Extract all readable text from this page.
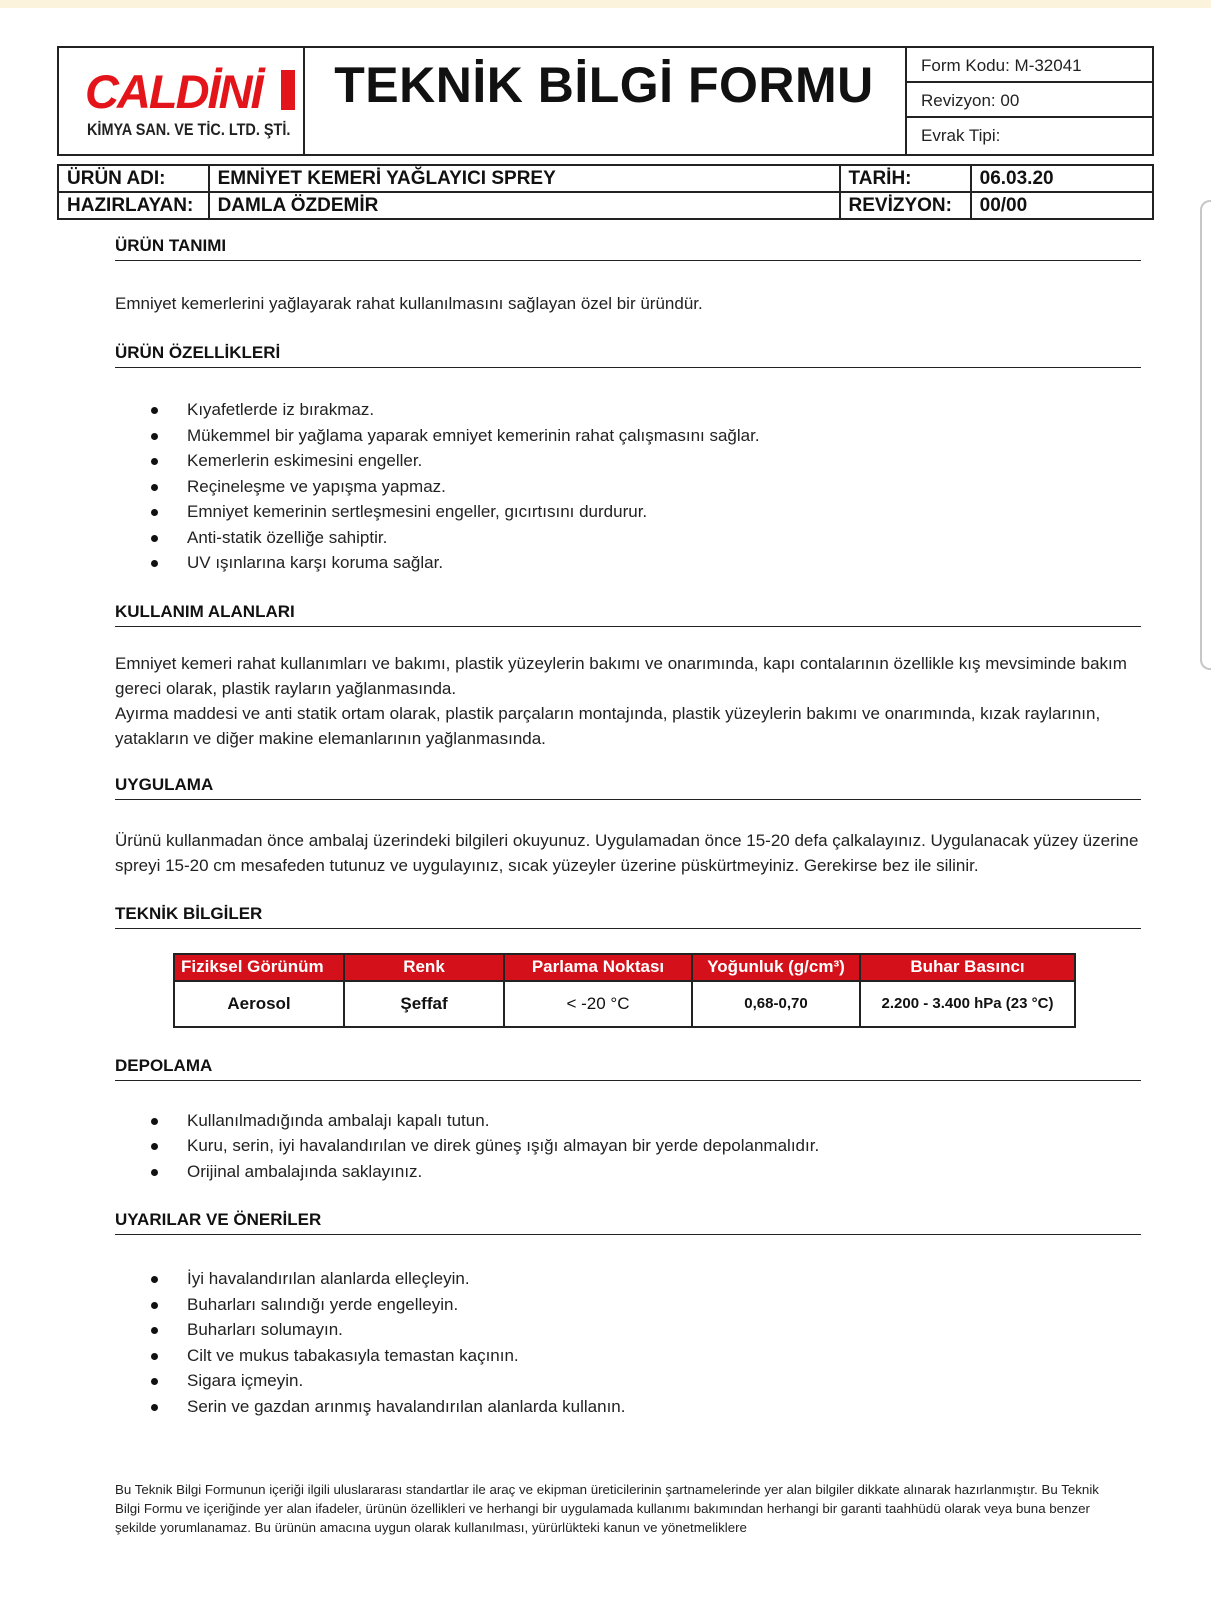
CALDİNİ
KİMYA SAN. VE TİC. LTD. ŞTİ.
TEKNİK BİLGİ FORMU	Form Kodu: M-32041
Revizyon: 00
Evrak Tipi:
ÜRÜN ADI:	EMNİYET KEMERİ YAĞLAYICI SPREY	TARİH:	06.03.20
HAZIRLAYAN:	DAMLA ÖZDEMİR	REVİZYON:	00/00
ÜRÜN TANIMI

Emniyet kemerlerini yağlayarak rahat kullanılmasını sağlayan özel bir üründür.

ÜRÜN ÖZELLİKLERİ
Kıyafetlerde iz bırakmaz.
Mükemmel bir yağlama yaparak emniyet kemerinin rahat çalışmasını sağlar.
Kemerlerin eskimesini engeller.
Reçineleşme ve yapışma yapmaz.
Emniyet kemerinin sertleşmesini engeller, gıcırtısını durdurur.
Anti-statik özelliğe sahiptir.
UV ışınlarına karşı koruma sağlar.
KULLANIM ALANLARI

Emniyet kemeri rahat kullanımları ve bakımı, plastik yüzeylerin bakımı ve onarımında, kapı contalarının özellikle kış mevsiminde bakım gereci olarak, plastik rayların yağlanmasında.

Ayırma maddesi ve anti statik ortam olarak, plastik parçaların montajında, plastik yüzeylerin bakımı ve onarımında, kızak raylarının, yatakların ve diğer makine elemanlarının yağlanmasında.

UYGULAMA

Ürünü kullanmadan önce ambalaj üzerindeki bilgileri okuyunuz. Uygulamadan önce 15-20 defa çalkalayınız. Uygulanacak yüzey üzerine spreyi 15-20 cm mesafeden tutunuz ve uygulayınız, sıcak yüzeyler üzerine püskürtmeyiniz. Gerekirse bez ile silinir.

TEKNİK BİLGİLER
Fiziksel Görünüm	Renk	Parlama Noktası	Yoğunluk (g/cm³)	Buhar Basıncı
Aerosol	Şeffaf	< -20 °C	0,68-0,70	2.200 - 3.400 hPa (23 °C)
DEPOLAMA
Kullanılmadığında ambalajı kapalı tutun.
Kuru, serin, iyi havalandırılan ve direk güneş ışığı almayan bir yerde depolanmalıdır.
Orijinal ambalajında saklayınız.
UYARILAR VE ÖNERİLER
İyi havalandırılan alanlarda elleçleyin.
Buharları salındığı yerde engelleyin.
Buharları solumayın.
Cilt ve mukus tabakasıyla temastan kaçının.
Sigara içmeyin.
Serin ve gazdan arınmış havalandırılan alanlarda kullanın.

Bu Teknik Bilgi Formunun içeriği ilgili uluslararası standartlar ile araç ve ekipman üreticilerinin şartnamelerinde yer alan bilgiler dikkate alınarak hazırlanmıştır. Bu Teknik Bilgi Formu ve içeriğinde yer alan ifadeler, ürünün özellikleri ve herhangi bir uygulamada kullanımı bakımından herhangi bir garanti taahhüdü olarak veya buna benzer şekilde yorumlanamaz. Bu ürünün amacına uygun olarak kullanılması, yürürlükteki kanun ve yönetmeliklere
